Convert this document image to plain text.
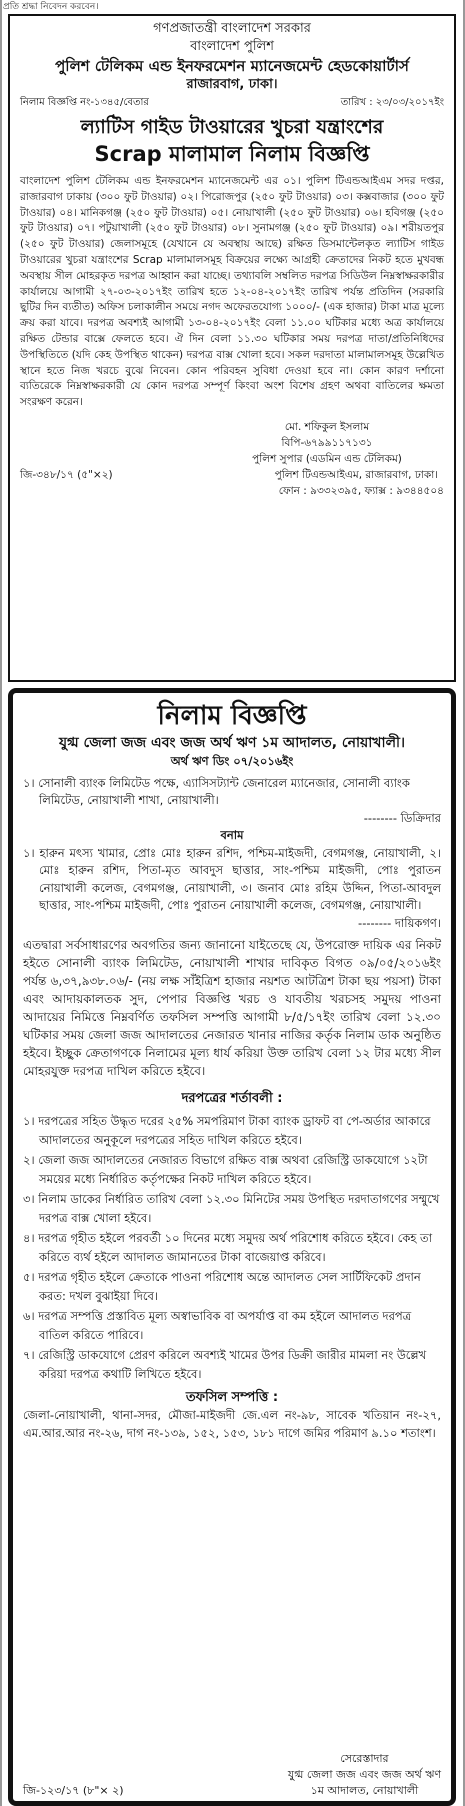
প্রতি শ্রদ্ধা নিবেদন করবেন।

গণপ্রজাতন্ত্রী বাংলাদেশ সরকার

বাংলাদেশ পুলিশ

পুলিশ টেলিকম এন্ড ইনফরমেশন ম্যানেজমেন্ট হেডকোয়ার্টার্স

রাজারবাগ, ঢাকা।

নিলাম বিজ্ঞপ্তি নং-১৩৪৫/বেতার	তারিখ : ২৩/০৩/২০১৭ইং

ল্যাটিস গাইড টাওয়ারের খুচরা যন্ত্রাংশের

Scrap মালামাল নিলাম বিজ্ঞপ্তি

বাংলাদেশ পুলিশ টেলিকম এন্ড ইনফরমেশন ম্যানেজমেন্ট এর ০১। পুলিশ টিএন্ডআইএম সদর দপ্তর, রাজারবাগ ঢাকায় (৩০০ ফুট টাওয়ার) ০২। পিরোজপুর (২৫০ ফুট টাওয়ার) ০৩। কক্সবাজার (৩০০ ফুট টাওয়ার) ০৪। মানিকগঞ্জ (২৫০ ফুট টাওয়ার) ০৫। নোয়াখালী (২৫০ ফুট টাওয়ার) ০৬। হবিগঞ্জ (২৫০ ফুট টাওয়ার) ০৭। পটুয়াখালী (২৫০ ফুট টাওয়ার) ০৮। সুনামগঞ্জ (২৫০ ফুট টাওয়ার) ০৯। শরীয়তপুর (২৫০ ফুট টাওয়ার) জেলাসমূহে (যেখানে যে অবস্থায় আছে) রক্ষিত ডিসমান্টেলকৃত ল্যাটিস গাইড টাওয়ারের খুচরা যন্ত্রাংশের Scrap মালামালসমূহ বিক্রয়ের লক্ষ্যে আগ্রহী ক্রেতাদের নিকট হতে মুখবন্ধ অবস্থায় সীল মোহরকৃত দরপত্র আহ্বান করা যাচ্ছে। তথ্যাবলি সম্বলিত দরপত্র সিডিউল নিম্নস্বাক্ষরকারীর কার্যালয়ে আগামী ২৭-০৩-২০১৭ইং তারিখ হতে ১২-০৪-২০১৭ইং তারিখ পর্যন্ত প্রতিদিন (সরকারি ছুটির দিন ব্যতীত) অফিস চলাকালীন সময়ে নগদ অফেরতযোগ্য ১০০০/- (এক হাজার) টাকা মাত্র মূল্যে ক্রয় করা যাবে। দরপত্র অবশ্যই আগামী ১৩-০৪-২০১৭ইং বেলা ১১.০০ ঘটিকার মধ্যে অত্র কার্যালয়ে রক্ষিত টেন্ডার বাক্সে ফেলতে হবে। ঐ দিন বেলা ১১.৩০ ঘটিকার সময় দরপত্র দাতা/প্রতিনিধিদের উপস্থিতিতে (যদি কেহ উপস্থিত থাকেন) দরপত্র বাক্স খোলা হবে। সকল দরদাতা মালামালসমূহ উল্লেখিত স্থানে হতে নিজ খরচে বুঝে নিবেন। কোন পরিবহন সুবিধা দেওয়া হবে না। কোন কারণ দর্শানো ব্যতিরেকে নিম্নস্বাক্ষরকারী যে কোন দরপত্র সম্পূর্ণ কিংবা অংশ বিশেষ গ্রহণ অথবা বাতিলের ক্ষমতা সংরক্ষণ করেন।

মো. শফিকুল ইসলাম

বিপি-৬৭৯৯১১৭১৩১

পুলিশ সুপার (এডমিন এন্ড টেলিকম)

জি-৩৪৮/১৭ (৫"×২)	পুলিশ টিএন্ডআইএম, রাজারবাগ, ঢাকা।

ফোন : ৯৩৩২৩৯৫, ফ্যাক্স : ৯৩৪৪৫০৪

নিলাম বিজ্ঞপ্তি

যুগ্ম জেলা জজ এবং জজ অর্থ ঋণ ১ম আদালত, নোয়াখালী।

অর্থ ঋণ ডিং ০৭/২০১৬ইং

১। সোনালী ব্যাংক লিমিটেড পক্ষে, এ্যাসিসট্যান্ট জেনারেল ম্যানেজার, সোনালী ব্যাংক লিমিটেড, নোয়াখালী শাখা, নোয়াখালী।

-------- ডিক্রিদার

বনাম

১। হারুন মৎস্য খামার, প্রোঃ মোঃ হারুন রশিদ, পশ্চিম-মাইজদী, বেগমগঞ্জ, নোয়াখালী, ২। মোঃ হারুন রশিদ, পিতা-মৃত আবদুস ছাত্তার, সাং-পশ্চিম মাইজদী, পোঃ পুরাতন নোয়াখালী কলেজ, বেগমগঞ্জ, নোয়াখালী, ৩। জনাব মোঃ রহিম উদ্দিন, পিতা-আবদুল ছাত্তার, সাং-পশ্চিম মাইজদী, পোঃ পুরাতন নোয়াখালী কলেজ, বেগমগঞ্জ, নোয়াখালী।

-------- দায়িকগণ।

এতদ্বারা সর্বসাধারণের অবগতির জন্য জানানো যাইতেছে যে, উপরোক্ত দায়িক এর নিকট হইতে সোনালী ব্যাংক লিমিটেড, নোয়াখালী শাখার দাবিকৃত বিগত ০৯/০৫/২০১৬ইং পর্যন্ত ৬,৩৭,৯৩৮.০৬/- (নয় লক্ষ সাঁইত্রিশ হাজার নয়শত আটত্রিশ টাকা ছয় পয়সা) টাকা এবং আদায়কালতক সুদ, পেপার বিজ্ঞপ্তি খরচ ও যাবতীয় খরচসহ সমুদয় পাওনা আদায়ের নিমিত্তে নিম্নবর্ণিত তফসিল সম্পত্তি আগামী ৮/৫/১৭ইং তারিখ বেলা ১২.৩০ ঘটিকার সময় জেলা জজ আদালতের নেজারত খানার নাজির কর্তৃক নিলাম ডাক অনুষ্ঠিত হইবে। ইচ্ছুক ক্রেতাগণকে নিলামের মূল্য ধার্য করিয়া উক্ত তারিখ বেলা ১২ টার মধ্যে সীল মোহরযুক্ত দরপত্র দাখিল করিতে হইবে।

দরপত্রের শর্তাবলী :

১। দরপত্রের সহিত উদ্ধৃত দরের ২৫% সমপরিমাণ টাকা ব্যাংক ড্রাফট বা পে-অর্ডার আকারে আদালতের অনুকূলে দরপত্রের সহিত দাখিল করিতে হইবে।

২। জেলা জজ আদালতের নেজারত বিভাগে রক্ষিত বাক্স অথবা রেজিস্ট্রি ডাকযোগে ১২টা সময়ের মধ্যে নির্ধারিত কর্তৃপক্ষের নিকট দাখিল করিতে হইবে।

৩। নিলাম ডাকের নির্ধারিত তারিখ বেলা ১২.৩০ মিনিটের সময় উপস্থিত দরদাতাগণের সম্মুখে দরপত্র বাক্স খোলা হইবে।

৪। দরপত্র গৃহীত হইলে পরবর্তী ১০ দিনের মধ্যে সমুদয় অর্থ পরিশোধ করিতে হইবে। কেহ তা করিতে ব্যর্থ হইলে আদালত জামানতের টাকা বাজেয়াপ্ত করিবে।

৫। দরপত্র গৃহীত হইলে ক্রেতাকে পাওনা পরিশোধ অন্তে আদালত সেল সার্টিফিকেট প্রদান করত: দখল বুঝাইয়া দিবে।

৬। দরপত্র সম্পত্তি প্রস্তাবিত মূল্য অস্বাভাবিক বা অপর্যাপ্ত বা কম হইলে আদালত দরপত্র বাতিল করিতে পারিবে।

৭। রেজিস্ট্রি ডাকযোগে প্রেরণ করিলে অবশ্যই খামের উপর ডিক্রী জারীর মামলা নং উল্লেখ করিয়া দরপত্র কথাটি লিখিতে হইবে।

তফসিল সম্পত্তি :

জেলা-নোয়াখালী, থানা-সদর, মৌজা-মাইজদী জে.এল নং-৯৮, সাবেক খতিয়ান নং-২৭, এম.আর.আর নং-২৬, দাগ নং-১৩৯, ১৫২, ১৫৩, ১৮১ দাগে জমির পরিমাণ ৯.১০ শতাংশ।

জি-১২৩/১৭ (৮"× ২)

সেরেস্তাদার

যুগ্ম জেলা জজ এবং জজ অর্থ ঋণ

১ম আদালত, নোয়াখালী
